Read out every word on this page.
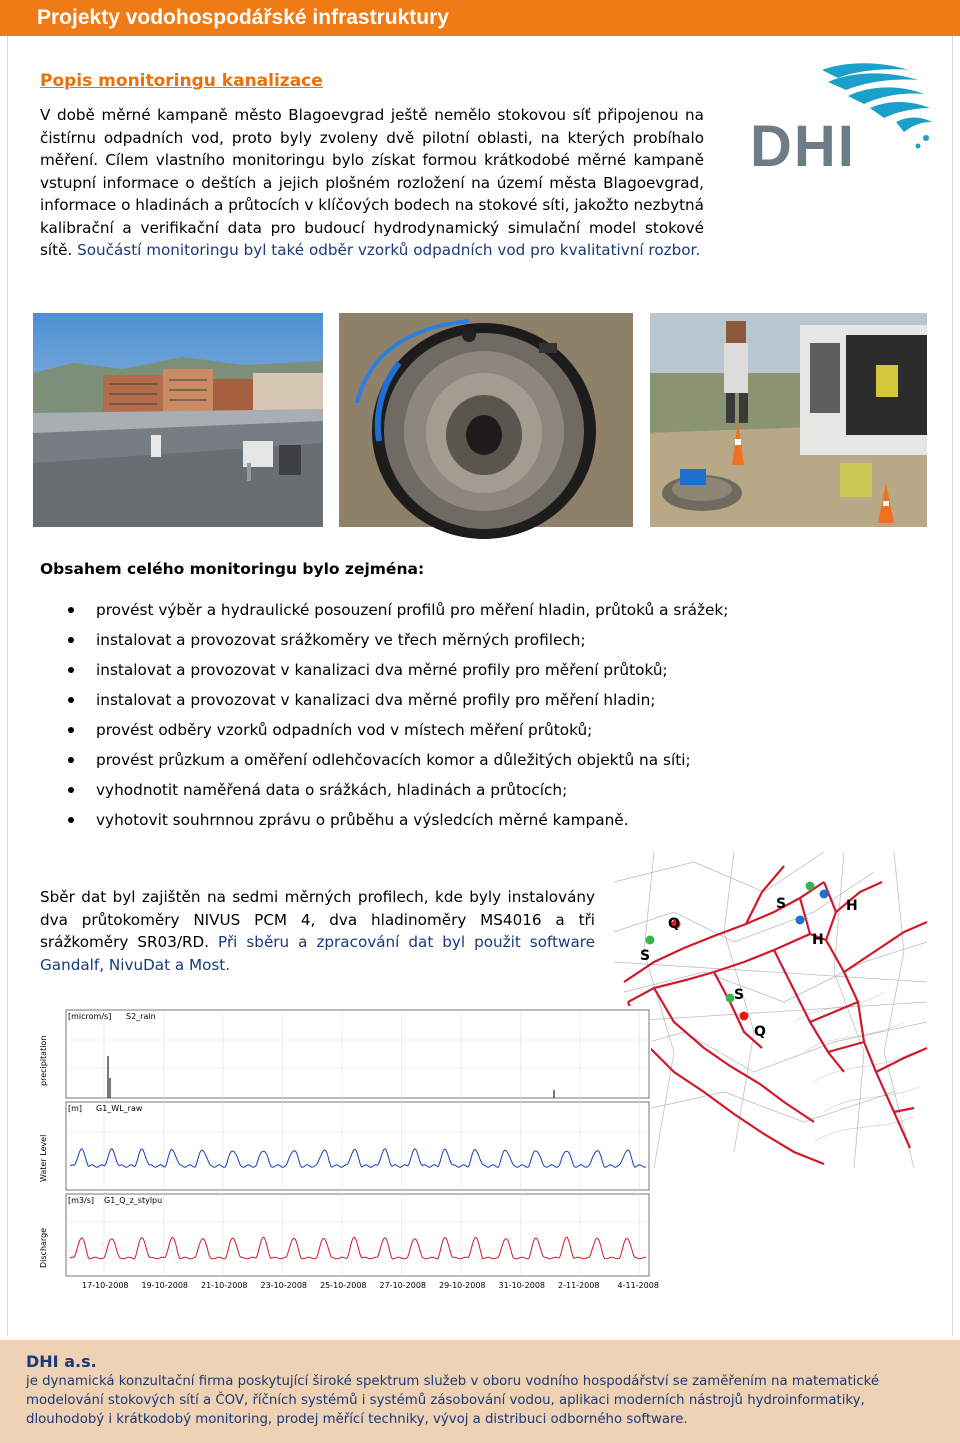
Projekty vodohospodářské infrastruktury
Popis monitoringu kanalizace
V době měrné kampaně město Blagoevgrad ještě nemělo stokovou síť připojenou na čistírnu odpadních vod, proto byly zvoleny dvě pilotní oblasti, na kterých probíhalo měření. Cílem vlastního monitoringu bylo získat formou krátkodobé měrné kampaně vstupní informace o deštích a jejich plošném rozložení na území města Blagoevgrad, informace o hladinách a průtocích v klíčových bodech na stokové síti, jakožto nezbytná kalibrační a verifikační data pro budoucí hydrodynamický simulační model stokové sítě. Součástí monitoringu byl také odběr vzorků odpadních vod pro kvalitativní rozbor.
DHI
Obsahem celého monitoringu bylo zejména:
provést výběr a hydraulické posouzení profilů pro měření hladin, průtoků a srážek;
instalovat a provozovat srážkoměry ve třech měrných profilech;
instalovat a provozovat v kanalizaci dva měrné profily pro měření průtoků;
instalovat a provozovat v kanalizaci dva měrné profily pro měření hladin;
provést odběry vzorků odpadních vod v místech měření průtoků;
provést průzkum a oměření odlehčovacích komor a důležitých objektů na síti;
vyhodnotit naměřená data o srážkách, hladinách a průtocích;
vyhotovit souhrnnou zprávu o průběhu a výsledcích měrné kampaně.
Sběr dat byl zajištěn na sedmi měrných profilech, kde byly instalovány dva průtokoměry NIVUS PCM 4, dva hladinoměry MS4016 a tři srážkoměry SR03/RD. Při sběru a zpracování dat byl použit software Gandalf, NivuDat a Most.	S
Q
S	H
H
S
Q
[microm/s] S2_rain
[m] G1_WL_raw
[m3/s] G1_Q_z_stylpu
precipitation
Water Level
Discharge
17-10-2008 19-10-2008 21-10-2008 23-10-2008 25-10-2008 27-10-2008 29-10-2008 31-10-2008 2-11-2008 4-11-2008
DHI a.s.
je dynamická konzultační firma poskytující široké spektrum služeb v oboru vodního hospodářství se zaměřením na matematické modelování stokových sítí a ČOV, říčních systémů i systémů zásobování vodou, aplikaci moderních nástrojů hydroinformatiky, dlouhodobý i krátkodobý monitoring, prodej měřící techniky, vývoj a distribuci odborného software.
